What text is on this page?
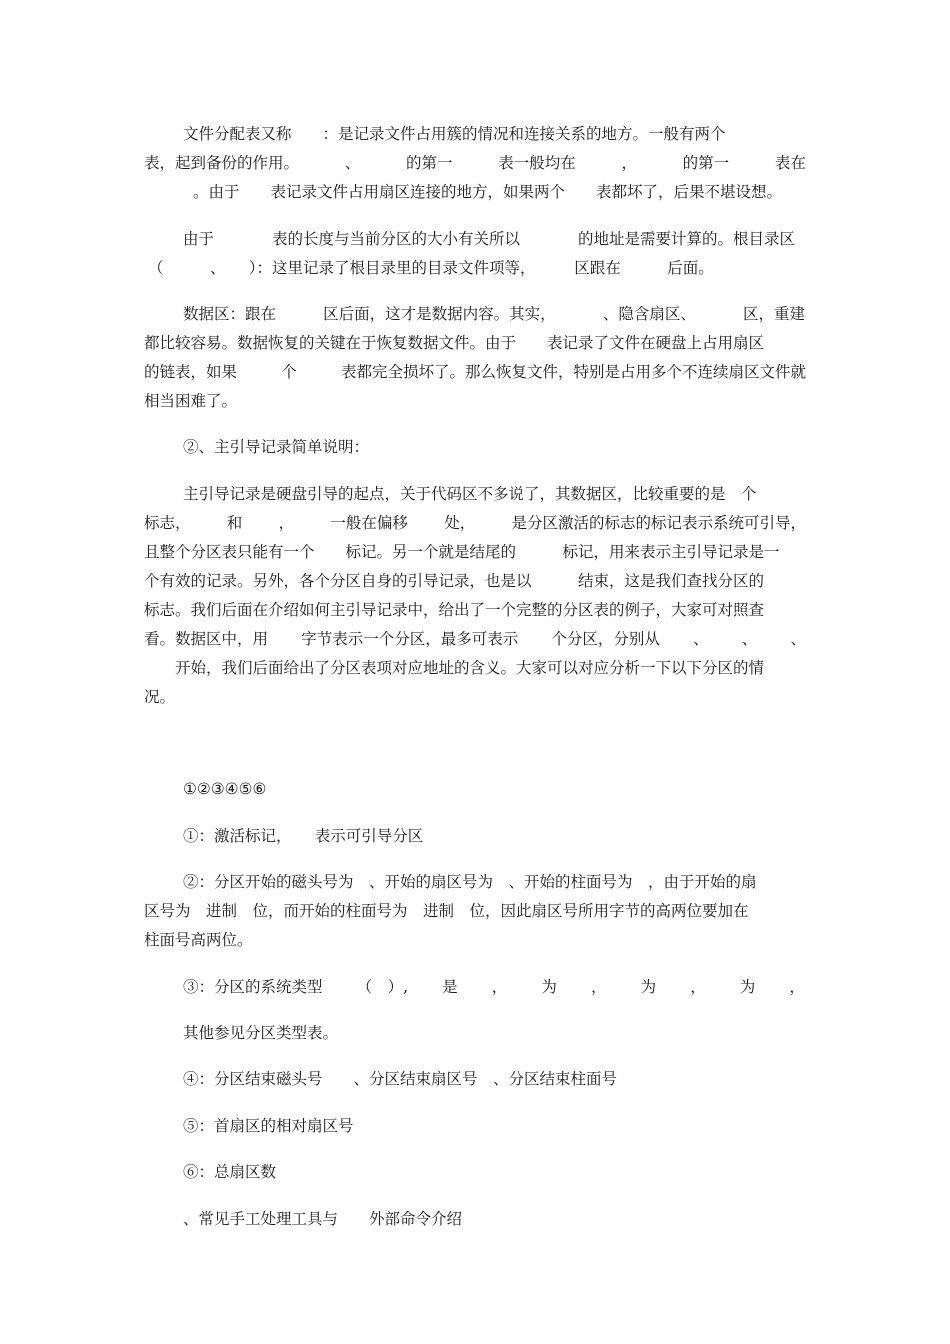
文件分配表又称　　：是记录文件占用簇的情况和连接关系的地方。一般有两个
表，起到备份的作用。	、	的第一	表一般均在	，	的第一	表在
。由于　　表记录文件占用扇区连接的地方，如果两个　　表都坏了，后果不堪设想。
由于	表的长度与当前分区的大小有关所以	的地址是需要计算的。根目录区
（　　　、　　）：这里记录了根目录里的目录文件项等，　　　区跟在　　　后面。
数据区：跟在	区后面，这才是数据内容。其实，	、隐含扇区、	区，重建
都比较容易。数据恢复的关键在于恢复数据文件。由于　　表记录了文件在硬盘上占用扇区
的链表，如果	个	表都完全损坏了。那么恢复文件，特别是占用多个不连续扇区文件就
相当困难了。
②、主引导记录简单说明：
主引导记录是硬盘引导的起点，关于代码区不多说了，其数据区，比较重要的是　个
标志， 和 ， 一般在偏移 处， 是分区激活的标志的标记表示系统可引导，
且整个分区表只能有一个　　标记。另一个就是结尾的　　　标记，用来表示主引导记录是一
个有效的记录。另外，各个分区自身的引导记录，也是以　　　结束，这是我们查找分区的
标志。我们后面在介绍如何主引导记录中，给出了一个完整的分区表的例子，大家可对照查
看。数据区中，用 字节表示一个分区，最多可表示 个分区，分别从 、 、 、
开始，我们后面给出了分区表项对应地址的含义。大家可以对应分析一下以下分区的情
况。
①②③④⑤⑥
①：激活标记，　　表示可引导分区
②：分区开始的磁头号为　、开始的扇区号为　、开始的柱面号为　，由于开始的扇
区号为　进制　位，而开始的柱面号为　进制　位，因此扇区号所用字节的高两位要加在
柱面号高两位。
③：分区的系统类型 （　）, 是 ， 为 ， 为 ， 为 ，
其他参见分区类型表。
④：分区结束磁头号　　、分区结束扇区号　、分区结束柱面号
⑤：首扇区的相对扇区号
⑥：总扇区数
、常见手工处理工具与　　外部命令介绍
